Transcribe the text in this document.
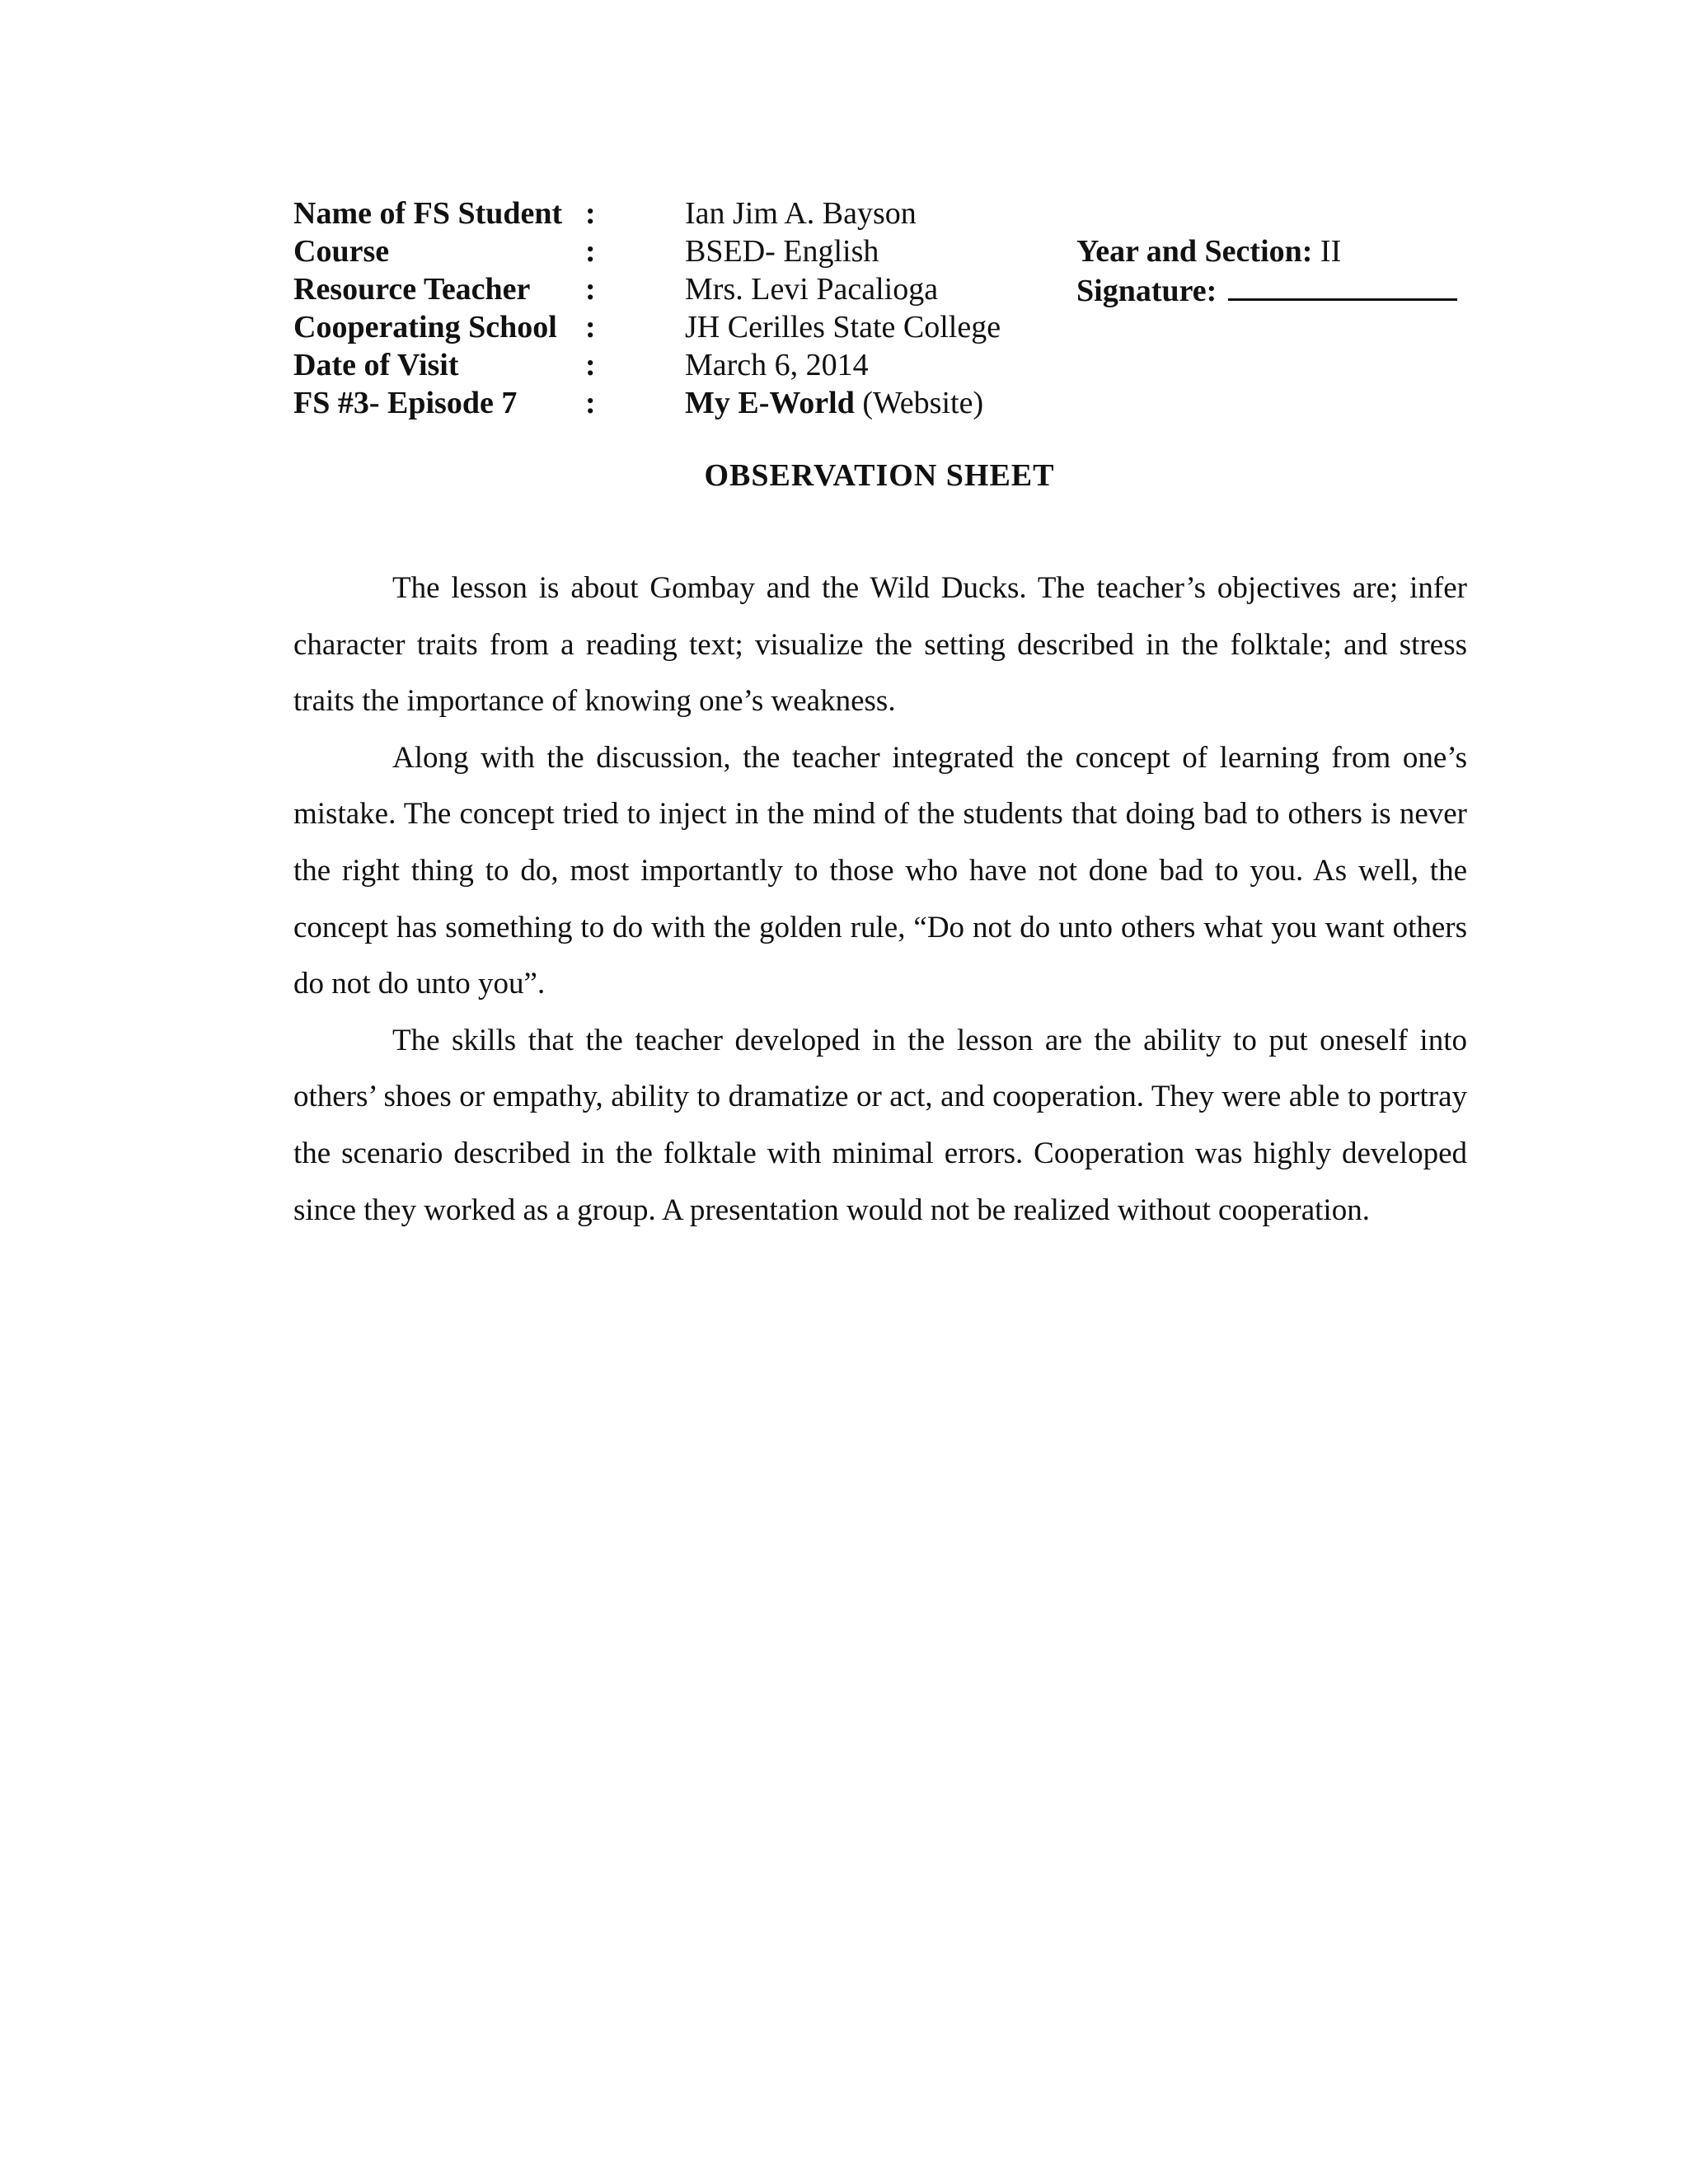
Name of FS Student :	Ian Jim A. Bayson
Course	:	BSED- English	Year and Section: II
Resource Teacher :	Mrs. Levi Pacalioga	Signature:
Cooperating School :	JH Cerilles State College
Date of Visit	:	March 6, 2014
FS #3- Episode 7 :	My E-World (Website)
OBSERVATION SHEET

The lesson is about Gombay and the Wild Ducks. The teacher’s objectives are; infer character traits from a reading text; visualize the setting described in the folktale; and stress traits the importance of knowing one’s weakness.

Along with the discussion, the teacher integrated the concept of learning from one’s mistake. The concept tried to inject in the mind of the students that doing bad to others is never the right thing to do, most importantly to those who have not done bad to you. As well, the concept has something to do with the golden rule, “Do not do unto others what you want others do not do unto you”.

The skills that the teacher developed in the lesson are the ability to put oneself into others’ shoes or empathy, ability to dramatize or act, and cooperation. They were able to portray the scenario described in the folktale with minimal errors. Cooperation was highly developed since they worked as a group. A presentation would not be realized without cooperation.
